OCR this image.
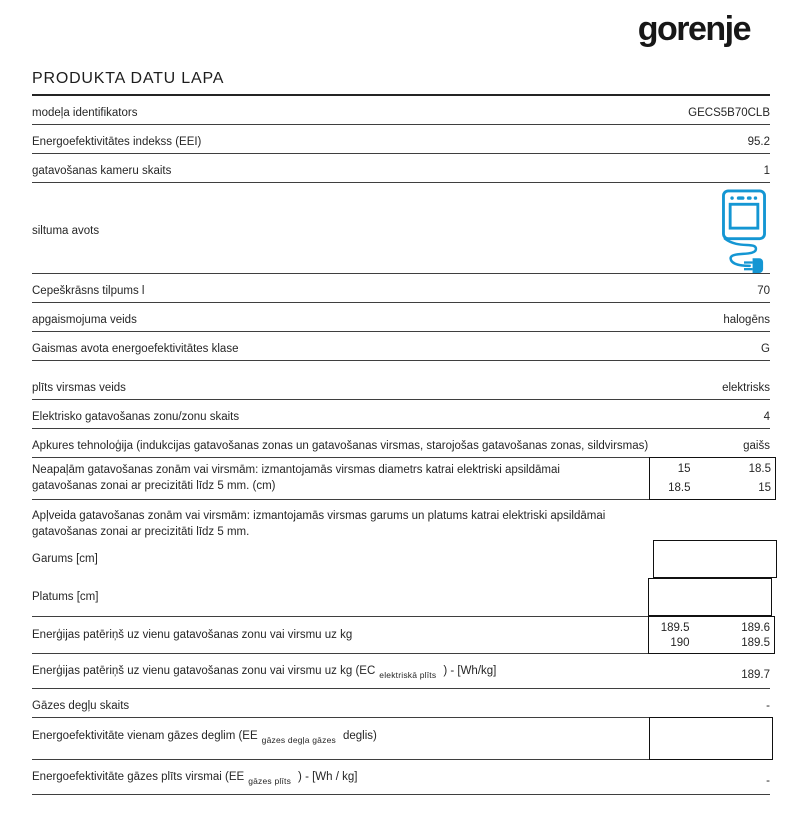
gorenje
PRODUKTA DATU LAPA
modeļa identifikators	GECS5B70CLB
Energoefektivitātes indekss (EEI)	95.2
gatavošanas kameru skaits	1
siltuma avots
Cepeškrāsns tilpums l	70
apgaismojuma veids	halogēns
Gaismas avota energoefektivitātes klase	G
plīts virsmas veids	elektrisks
Elektrisko gatavošanas zonu/zonu skaits	4
Apkures tehnoloģija (indukcijas gatavošanas zonas un gatavošanas virsmas, starojošas gatavošanas zonas, sildvirsmas)	gaišs
Neapaļām gatavošanas zonām vai virsmām: izmantojamās virsmas diametrs katrai elektriski apsildāmai gatavošanas zonai ar precizitāti līdz 5 mm. (cm)
15	18.5
18.5	15
Apļveida gatavošanas zonām vai virsmām: izmantojamās virsmas garums un platums katrai elektriski apsildāmai gatavošanas zonai ar precizitāti līdz 5 mm.
Garums [cm]
Platums [cm]
Enerģijas patēriņš uz vienu gatavošanas zonu vai virsmu uz kg
189.5	189.6
190	189.5
Enerģijas patēriņš uz vienu gatavošanas zonu vai virsmu uz kg (EC $_{elektriskā plīts}$ ) - [Wh/kg]	189.7
Gāzes degļu skaits	-
Energoefektivitāte vienam gāzes deglim (EE $_{gāzes degļa gāzes}$ deglis)
Energoefektivitāte gāzes plīts virsmai (EE $_{gāzes plīts}$ ) - [Wh / kg]	-
